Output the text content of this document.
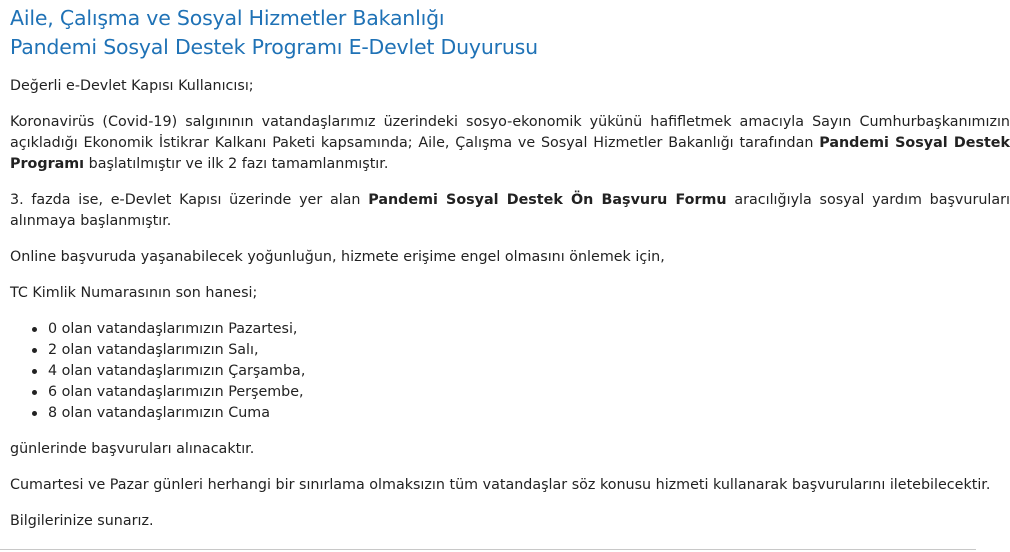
Aile, Çalışma ve Sosyal Hizmetler Bakanlığı
Pandemi Sosyal Destek Programı E-Devlet Duyurusu

Değerli e-Devlet Kapısı Kullanıcısı;

Koronavirüs (Covid-19) salgınının vatandaşlarımız üzerindeki sosyo-ekonomik yükünü hafifletmek amacıyla Sayın Cumhurbaşkanımızın açıkladığı Ekonomik İstikrar Kalkanı Paketi kapsamında; Aile, Çalışma ve Sosyal Hizmetler Bakanlığı tarafından Pandemi Sosyal Destek Programı başlatılmıştır ve ilk 2 fazı tamamlanmıştır.

3. fazda ise, e-Devlet Kapısı üzerinde yer alan Pandemi Sosyal Destek Ön Başvuru Formu aracılığıyla sosyal yardım başvuruları alınmaya başlanmıştır.

Online başvuruda yaşanabilecek yoğunluğun, hizmete erişime engel olmasını önlemek için,

TC Kimlik Numarasının son hanesi;

0 olan vatandaşlarımızın Pazartesi,
2 olan vatandaşlarımızın Salı,
4 olan vatandaşlarımızın Çarşamba,
6 olan vatandaşlarımızın Perşembe,
8 olan vatandaşlarımızın Cuma

günlerinde başvuruları alınacaktır.

Cumartesi ve Pazar günleri herhangi bir sınırlama olmaksızın tüm vatandaşlar söz konusu hizmeti kullanarak başvurularını iletebilecektir.

Bilgilerinize sunarız.
